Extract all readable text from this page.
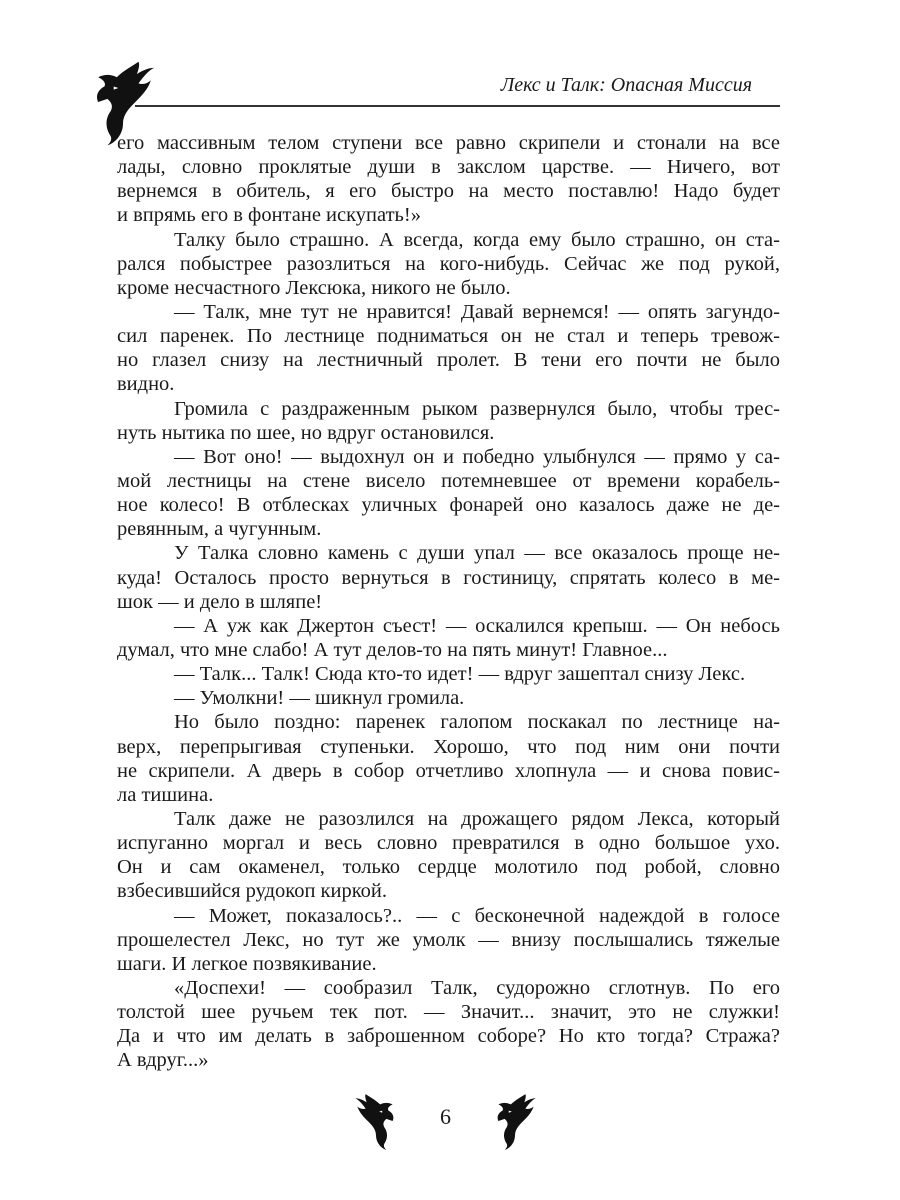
Лекс и Талк: Опасная Миссия
его массивным телом ступени все равно скрипели и стонали на все
лады, словно проклятые души в закслом царстве. — Ничего, вот
вернемся в обитель, я его быстро на место поставлю! Надо будет
и впрямь его в фонтане искупать!»
Талку было страшно. А всегда, когда ему было страшно, он ста-
рался побыстрее разозлиться на кого-нибудь. Сейчас же под рукой,
кроме несчастного Лексюка, никого не было.
— Талк, мне тут не нравится! Давай вернемся! — опять загундо-
сил паренек. По лестнице подниматься он не стал и теперь тревож-
но глазел снизу на лестничный пролет. В тени его почти не было
видно.
Громила с раздраженным рыком развернулся было, чтобы трес-
нуть нытика по шее, но вдруг остановился.
— Вот оно! — выдохнул он и победно улыбнулся — прямо у са-
мой лестницы на стене висело потемневшее от времени корабель-
ное колесо! В отблесках уличных фонарей оно казалось даже не де-
ревянным, а чугунным.
У Талка словно камень с души упал — все оказалось проще не-
куда! Осталось просто вернуться в гостиницу, спрятать колесо в ме-
шок — и дело в шляпе!
— А уж как Джертон съест! — оскалился крепыш. — Он небось
думал, что мне слабо! А тут делов-то на пять минут! Главное...
— Талк... Талк! Сюда кто-то идет! — вдруг зашептал снизу Лекс.
— Умолкни! — шикнул громила.
Но было поздно: паренек галопом поскакал по лестнице на-
верх, перепрыгивая ступеньки. Хорошо, что под ним они почти
не скрипели. А дверь в собор отчетливо хлопнула — и снова повис-
ла тишина.
Талк даже не разозлился на дрожащего рядом Лекса, который
испуганно моргал и весь словно превратился в одно большое ухо.
Он и сам окаменел, только сердце молотило под робой, словно
взбесившийся рудокоп киркой.
— Может, показалось?.. — с бесконечной надеждой в голосе
прошелестел Лекс, но тут же умолк — внизу послышались тяжелые
шаги. И легкое позвякивание.
«Доспехи! — сообразил Талк, судорожно сглотнув. По его
толстой шее ручьем тек пот. — Значит... значит, это не служки!
Да и что им делать в заброшенном соборе? Но кто тогда? Стража?
А вдруг...»
6
